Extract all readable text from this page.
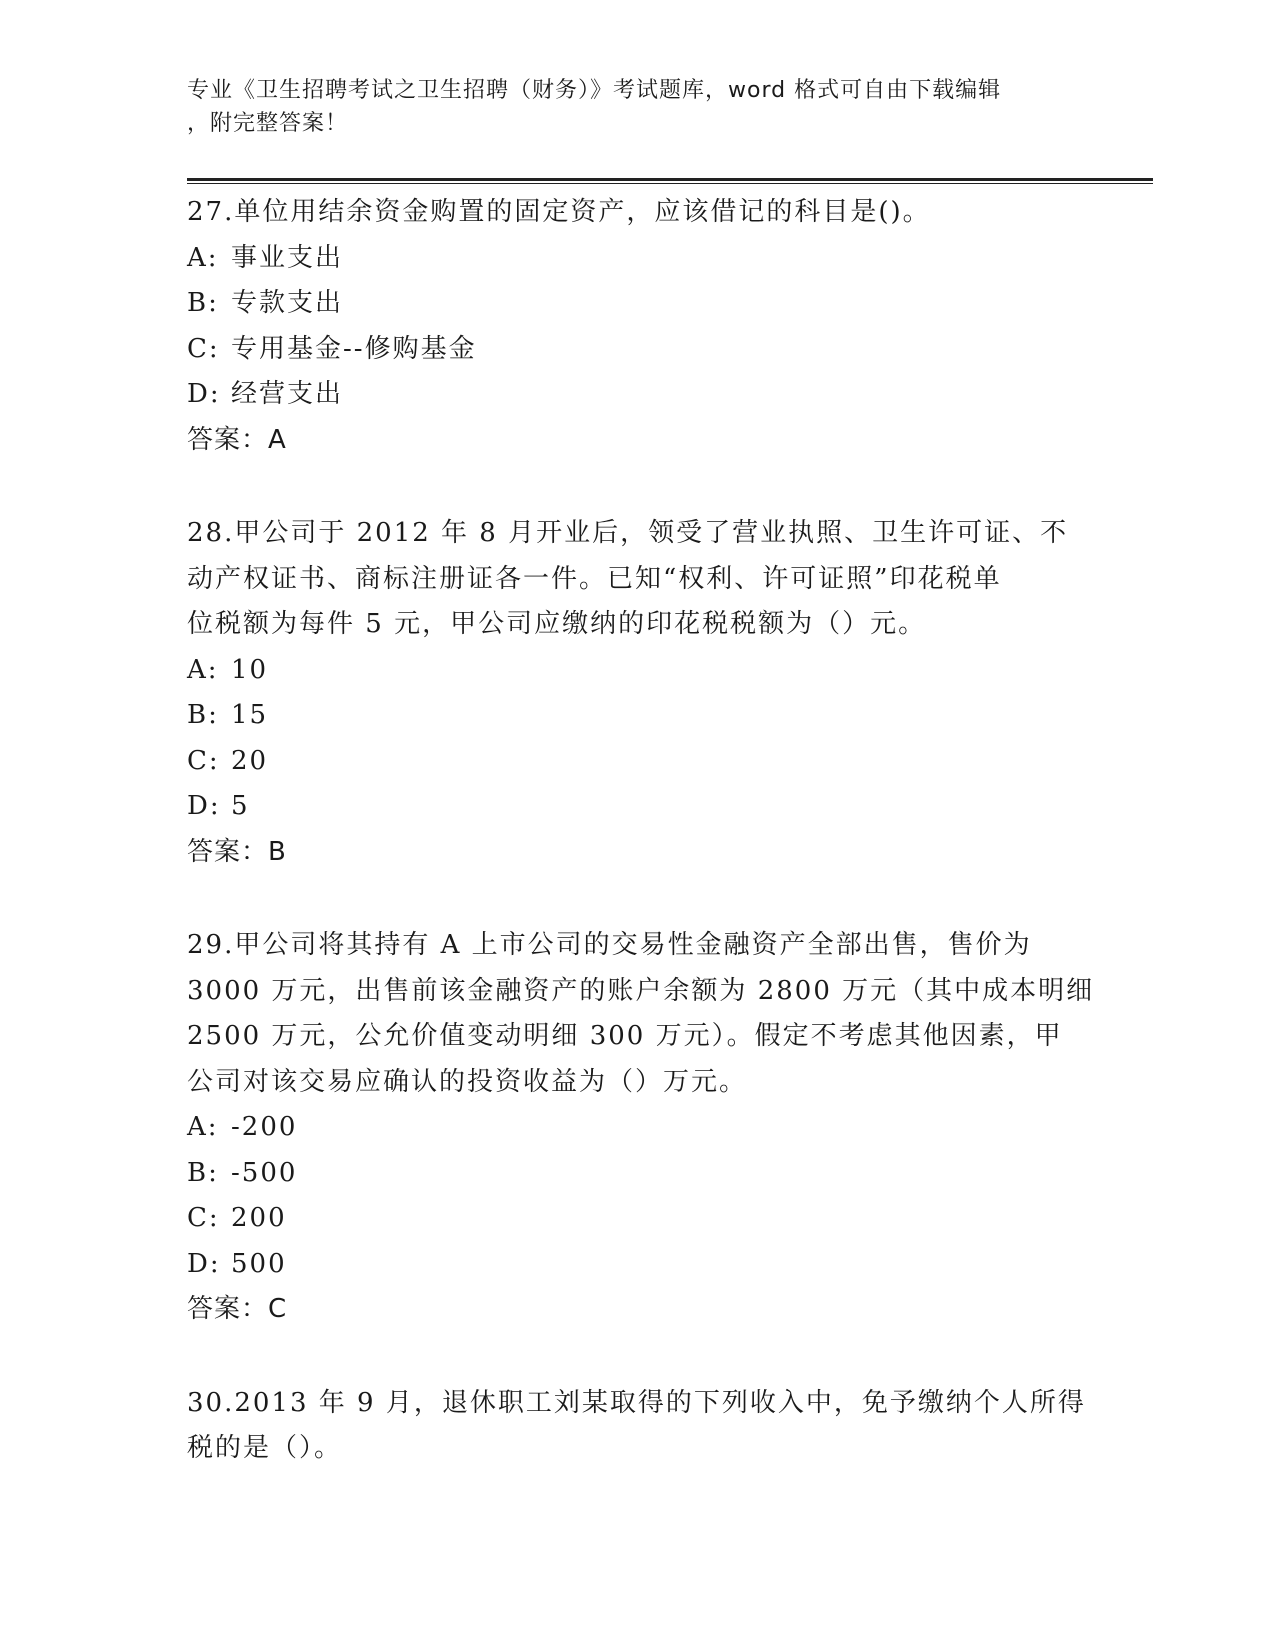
专业《卫生招聘考试之卫生招聘（财务）》考试题库，word 格式可自由下载编辑
，附完整答案！
27.单位用结余资金购置的固定资产，应该借记的科目是()。
A: 事业支出
B: 专款支出
C: 专用基金--修购基金
D: 经营支出
答案：A
28.甲公司于 2012 年 8 月开业后，领受了营业执照、卫生许可证、不
动产权证书、商标注册证各一件。已知“权利、许可证照”印花税单
位税额为每件 5 元，甲公司应缴纳的印花税税额为（）元。
A: 10
B: 15
C: 20
D: 5
答案：B
29.甲公司将其持有 A 上市公司的交易性金融资产全部出售，售价为
3000 万元，出售前该金融资产的账户余额为 2800 万元（其中成本明细
2500 万元，公允价值变动明细 300 万元）。假定不考虑其他因素，甲
公司对该交易应确认的投资收益为（）万元。
A: -200
B: -500
C: 200
D: 500
答案：C
30.2013 年 9 月，退休职工刘某取得的下列收入中，免予缴纳个人所得
税的是（）。
